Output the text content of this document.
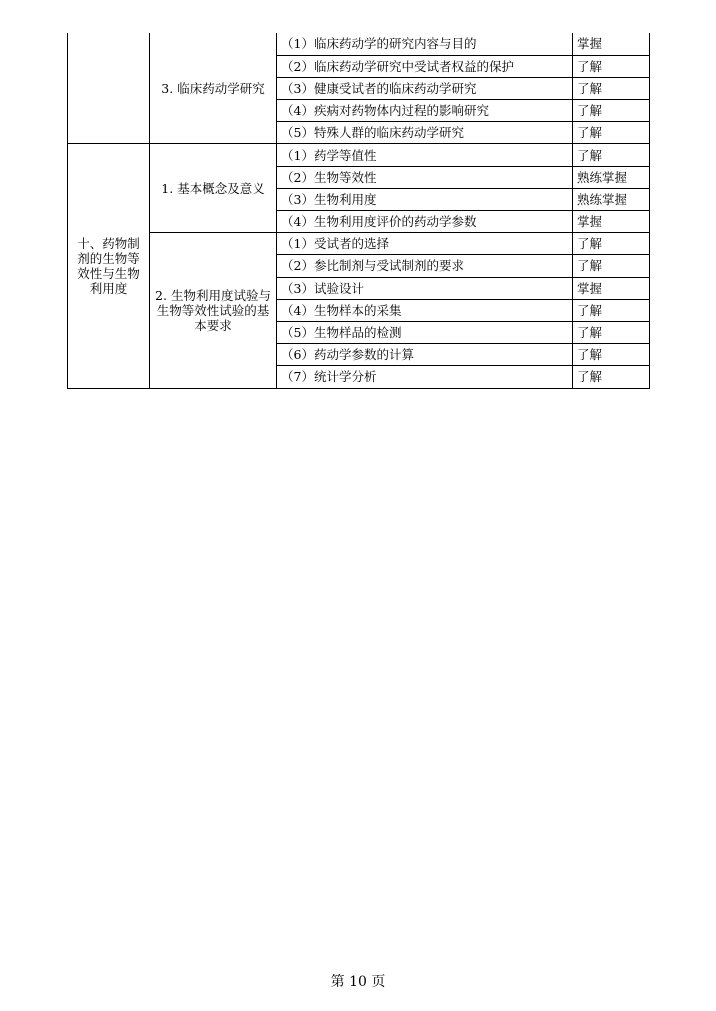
	3. 临床药动学研究	（1）临床药动学的研究内容与目的	掌握
		（2）临床药动学研究中受试者权益的保护	了解
		（3）健康受试者的临床药动学研究	了解
		（4）疾病对药物体内过程的影响研究	了解
		（5）特殊人群的临床药动学研究	了解
十、药物制剂的生物等效性与生物利用度	1. 基本概念及意义	（1）药学等值性	了解
		（2）生物等效性	熟练掌握
		（3）生物利用度	熟练掌握
		（4）生物利用度评价的药动学参数	掌握
	2. 生物利用度试验与生物等效性试验的基本要求	（1）受试者的选择	了解
		（2）参比制剂与受试制剂的要求	了解
		（3）试验设计	掌握
		（4）生物样本的采集	了解
		（5）生物样品的检测	了解
		（6）药动学参数的计算	了解
		（7）统计学分析	了解
第 10 页
